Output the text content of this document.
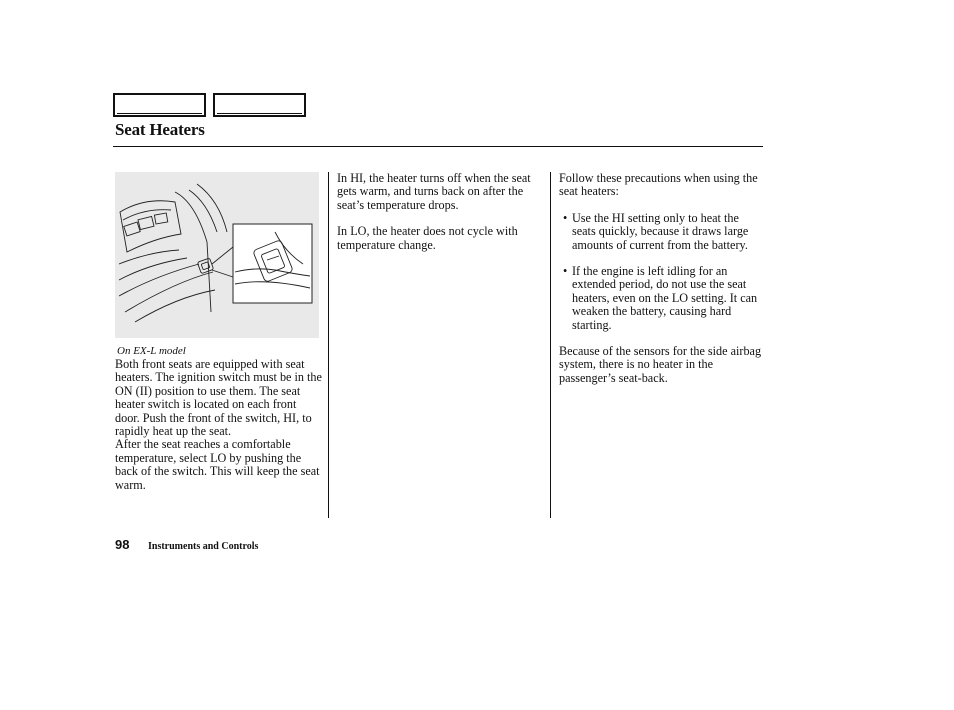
Seat Heaters
On EX-L model

Both front seats are equipped with seat heaters. The ignition switch must be in the ON (II) position to use them. The seat heater switch is located on each front door. Push the front of the switch, HI, to rapidly heat up the seat.

After the seat reaches a comfortable temperature, select LO by pushing the back of the switch. This will keep the seat warm.

In HI, the heater turns off when the seat gets warm, and turns back on after the seat’s temperature drops.

In LO, the heater does not cycle with temperature change.

Follow these precautions when using the seat heaters:

• Use the HI setting only to heat the seats quickly, because it draws large amounts of current from the battery.
• If the engine is left idling for an extended period, do not use the seat heaters, even on the LO setting. It can weaken the battery, causing hard starting.

Because of the sensors for the side airbag system, there is no heater in the passenger’s seat-back.

98 Instruments and Controls
